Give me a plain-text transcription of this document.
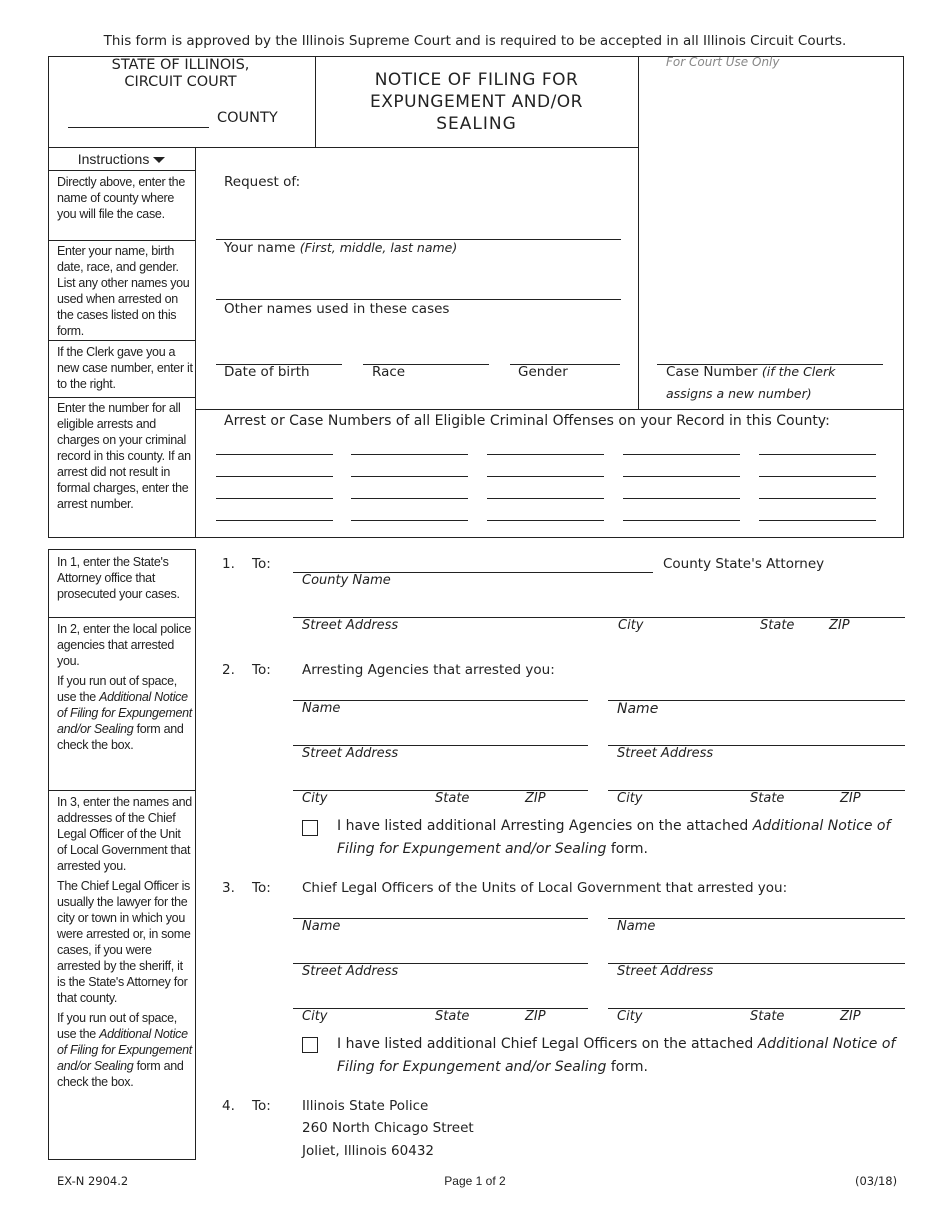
This form is approved by the Illinois Supreme Court and is required to be accepted in all Illinois Circuit Courts.
STATE OF ILLINOIS,
CIRCUIT COURT
COUNTY
NOTICE OF FILING FOR
EXPUNGEMENT AND/OR
SEALING
For Court Use Only
Instructions
Directly above, enter the name of county where you will file the case.
Enter your name, birth date, race, and gender. List any other names you used when arrested on the cases listed on this form.
If the Clerk gave you a new case number, enter it to the right.
Enter the number for all eligible arrests and charges on your criminal record in this county. If an arrest did not result in formal charges, enter the arrest number.
Request of:
Your name (First, middle, last name)
Other names used in these cases
Date of birth	Race	Gender	Case Number (if the Clerk
assigns a new number)
Arrest or Case Numbers of all Eligible Criminal Offenses on your Record in this County:
In 1, enter the State's Attorney office that prosecuted your cases.

In 2, enter the local police agencies that arrested you.

If you run out of space, use the Additional Notice of Filing for Expungement and/or Sealing form and check the box.

In 3, enter the names and addresses of the Chief Legal Officer of the Unit of Local Government that arrested you.

The Chief Legal Officer is usually the lawyer for the city or town in which you were arrested or, in some cases, if you were arrested by the sheriff, it is the State's Attorney for that county.

If you run out of space, use the Additional Notice of Filing for Expungement and/or Sealing form and check the box.

1. To:	County State's Attorney
County Name
Street Address	City	State	ZIP
2. To: Arresting Agencies that arrested you:
Name	Name
Street Address	Street Address
City	State	ZIP	City	State	ZIP
I have listed additional Arresting Agencies on the attached Additional Notice of
Filing for Expungement and/or Sealing form.
3. To: Chief Legal Officers of the Units of Local Government that arrested you:
Name	Name
Street Address	Street Address
City	State	ZIP	City	State	ZIP
I have listed additional Chief Legal Officers on the attached Additional Notice of
Filing for Expungement and/or Sealing form.
4. To: Illinois State Police
260 North Chicago Street
Joliet, Illinois 60432
EX-N 2904.2	Page 1 of 2	(03/18)
